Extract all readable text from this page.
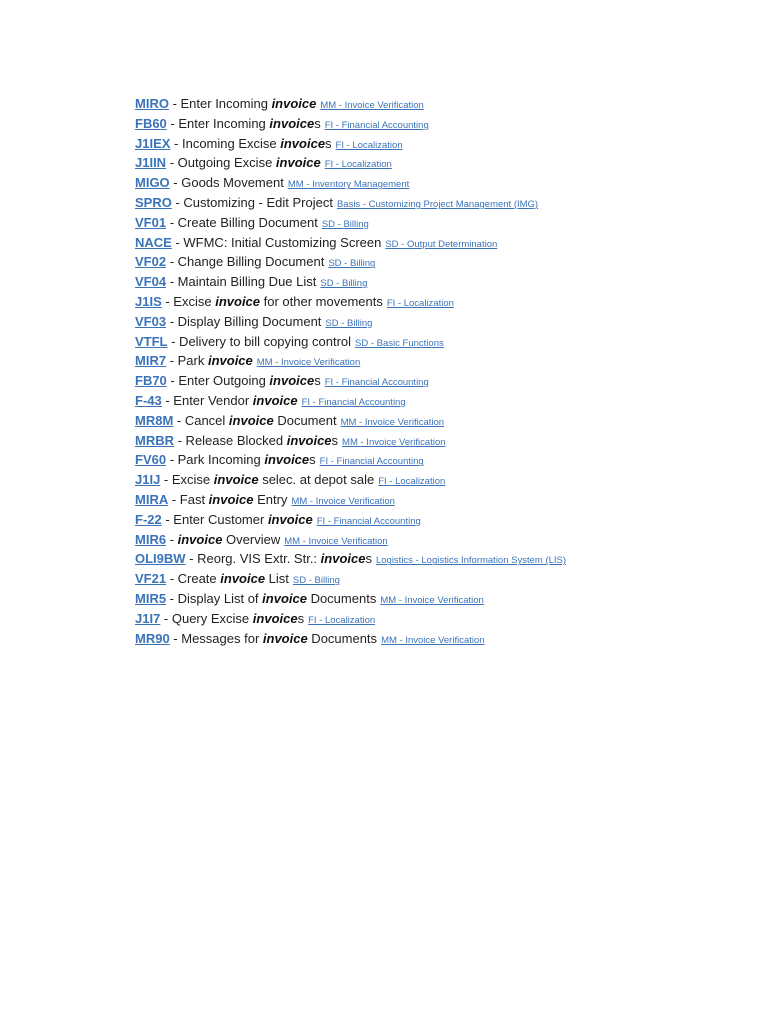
MIRO - Enter Incoming invoice MM - Invoice Verification
FB60 - Enter Incoming invoices FI - Financial Accounting
J1IEX - Incoming Excise invoices FI - Localization
J1IIN - Outgoing Excise invoice FI - Localization
MIGO - Goods Movement MM - Inventory Management
SPRO - Customizing - Edit Project Basis - Customizing Project Management (IMG)
VF01 - Create Billing Document SD - Billing
NACE - WFMC: Initial Customizing Screen SD - Output Determination
VF02 - Change Billing Document SD - Billing
VF04 - Maintain Billing Due List SD - Billing
J1IS - Excise invoice for other movements FI - Localization
VF03 - Display Billing Document SD - Billing
VTFL - Delivery to bill copying control SD - Basic Functions
MIR7 - Park invoice MM - Invoice Verification
FB70 - Enter Outgoing invoices FI - Financial Accounting
F-43 - Enter Vendor invoice FI - Financial Accounting
MR8M - Cancel invoice Document MM - Invoice Verification
MRBR - Release Blocked invoices MM - Invoice Verification
FV60 - Park Incoming invoices FI - Financial Accounting
J1IJ - Excise invoice selec. at depot sale FI - Localization
MIRA - Fast invoice Entry MM - Invoice Verification
F-22 - Enter Customer invoice FI - Financial Accounting
MIR6 - invoice Overview MM - Invoice Verification
OLI9BW - Reorg. VIS Extr. Str.: invoices Logistics - Logistics Information System (LIS)
VF21 - Create invoice List SD - Billing
MIR5 - Display List of invoice Documents MM - Invoice Verification
J1I7 - Query Excise invoices FI - Localization
MR90 - Messages for invoice Documents MM - Invoice Verification
